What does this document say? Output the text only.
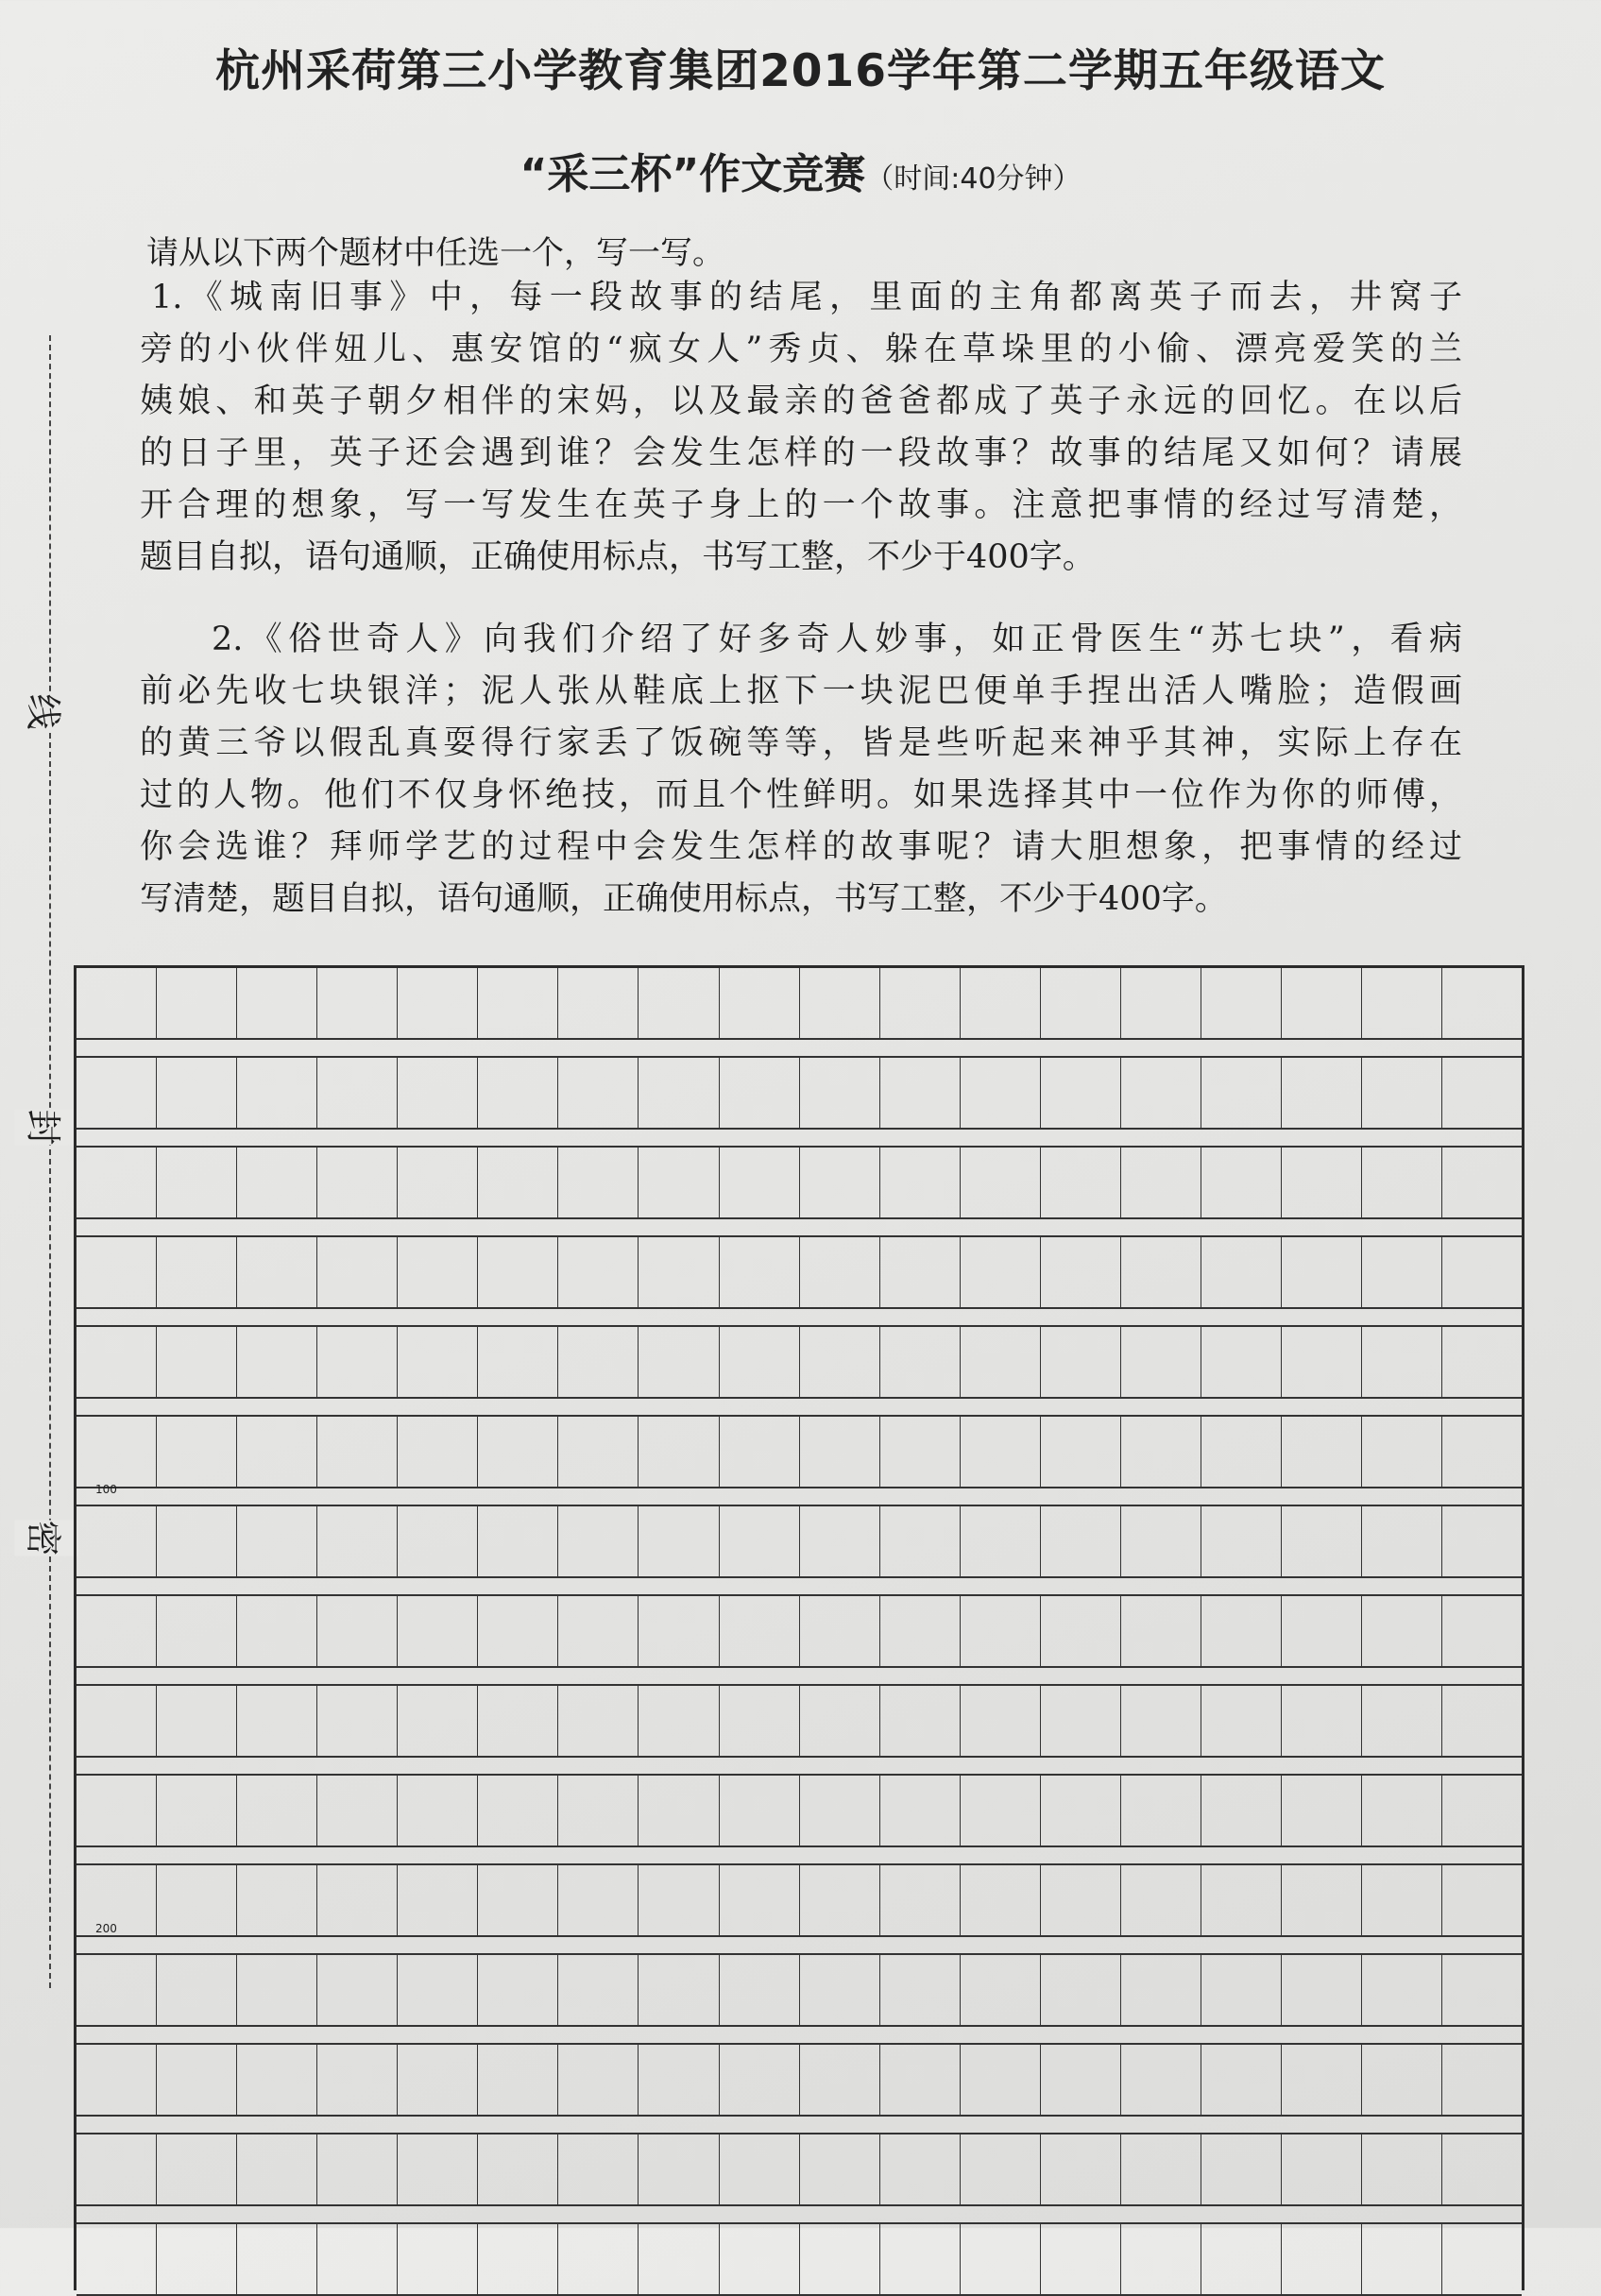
杭州采荷第三小学教育集团2016学年第二学期五年级语文
“采三杯”作文竞赛（时间:40分钟）
请从以下两个题材中任选一个，写一写。
1.《城南旧事》中，每一段故事的结尾，里面的主角都离英子而去，井窝子
旁的小伙伴妞儿、惠安馆的“疯女人”秀贞、躲在草垛里的小偷、漂亮爱笑的兰
姨娘、和英子朝夕相伴的宋妈，以及最亲的爸爸都成了英子永远的回忆。在以后
的日子里，英子还会遇到谁？会发生怎样的一段故事？故事的结尾又如何？请展
开合理的想象，写一写发生在英子身上的一个故事。注意把事情的经过写清楚，
题目自拟，语句通顺，正确使用标点，书写工整，不少于400字。
2.《俗世奇人》向我们介绍了好多奇人妙事，如正骨医生“苏七块”，看病
前必先收七块银洋；泥人张从鞋底上抠下一块泥巴便单手捏出活人嘴脸；造假画
的黄三爷以假乱真耍得行家丢了饭碗等等，皆是些听起来神乎其神，实际上存在
过的人物。他们不仅身怀绝技，而且个性鲜明。如果选择其中一位作为你的师傅，
你会选谁？拜师学艺的过程中会发生怎样的故事呢？请大胆想象，把事情的经过
写清楚，题目自拟，语句通顺，正确使用标点，书写工整，不少于400字。
线
封
密
100
200
